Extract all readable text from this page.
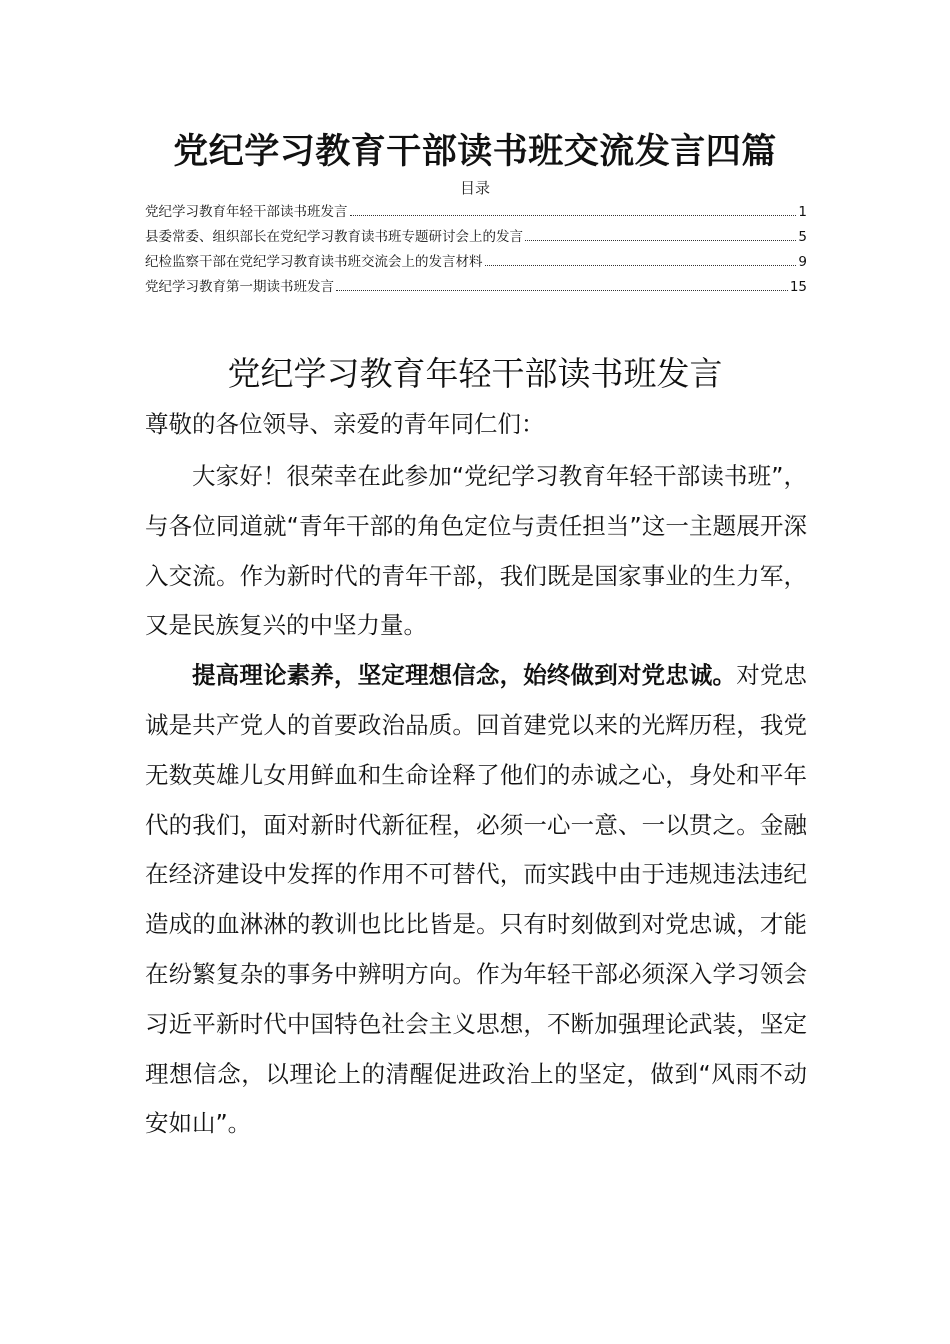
党纪学习教育干部读书班交流发言四篇
目录
党纪学习教育年轻干部读书班发言	1
县委常委、组织部长在党纪学习教育读书班专题研讨会上的发言	5
纪检监察干部在党纪学习教育读书班交流会上的发言材料	9
党纪学习教育第一期读书班发言	15
党纪学习教育年轻干部读书班发言
尊敬的各位领导、亲爱的青年同仁们：

大家好！很荣幸在此参加“党纪学习教育年轻干部读书班”，与各位同道就“青年干部的角色定位与责任担当”这一主题展开深入交流。作为新时代的青年干部，我们既是国家事业的生力军，又是民族复兴的中坚力量。

提高理论素养，坚定理想信念，始终做到对党忠诚。对党忠诚是共产党人的首要政治品质。回首建党以来的光辉历程，我党无数英雄儿女用鲜血和生命诠释了他们的赤诚之心，身处和平年代的我们，面对新时代新征程，必须一心一意、一以贯之。金融在经济建设中发挥的作用不可替代，而实践中由于违规违法违纪造成的血淋淋的教训也比比皆是。只有时刻做到对党忠诚，才能在纷繁复杂的事务中辨明方向。作为年轻干部必须深入学习领会习近平新时代中国特色社会主义思想，不断加强理论武装，坚定理想信念，以理论上的清醒促进政治上的坚定，做到“风雨不动安如山”。
